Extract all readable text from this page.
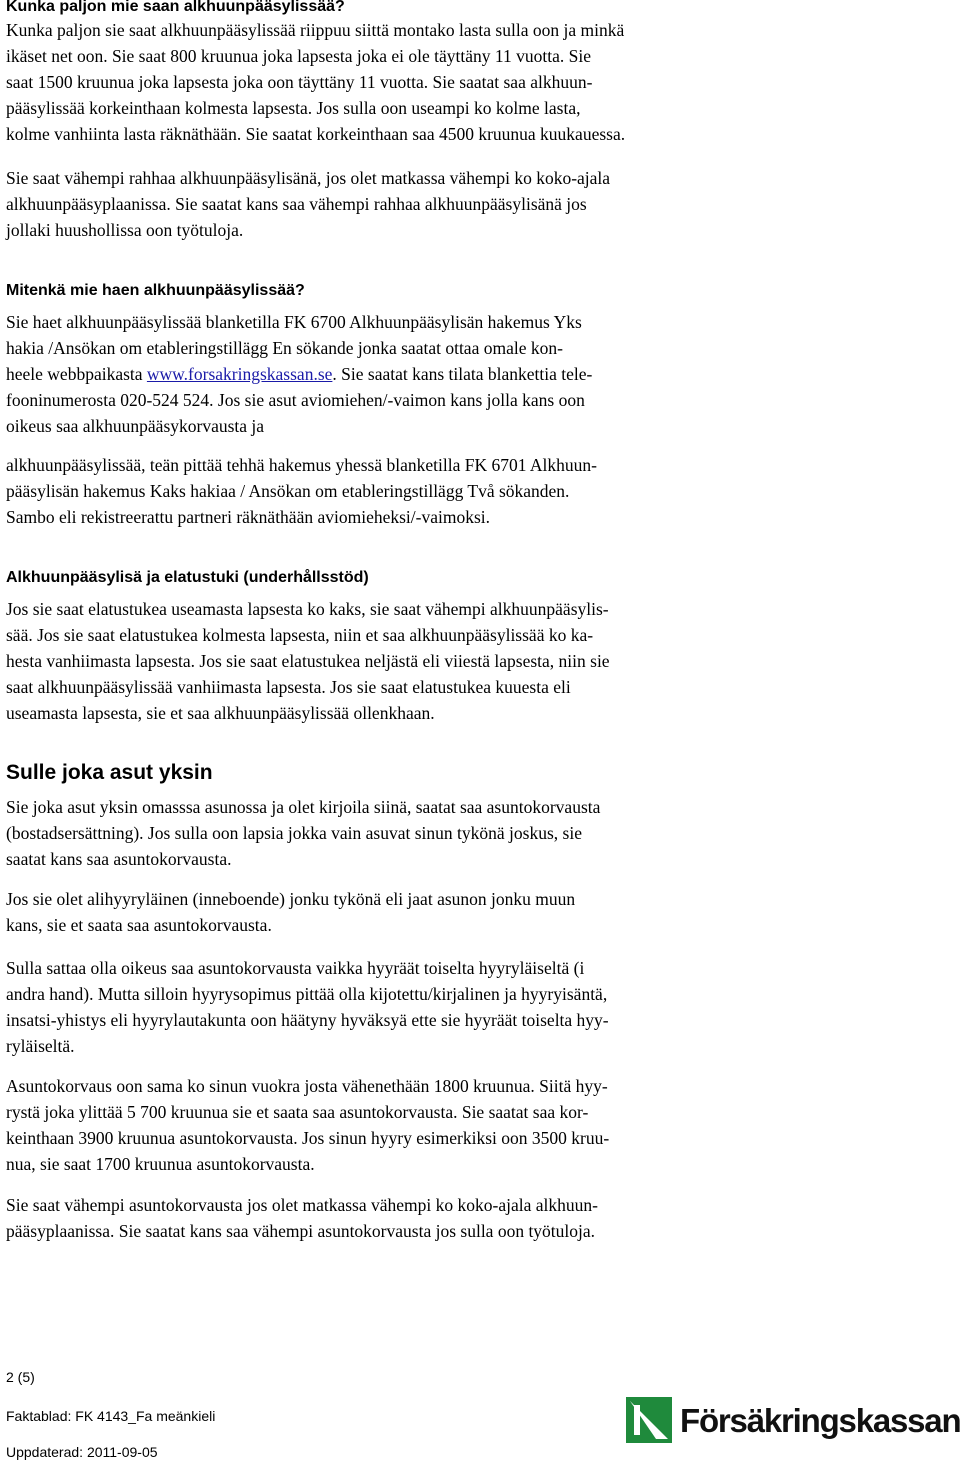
Kunka paljon mie saan alkhuunpääsylissää?
Kunka paljon sie saat alkhuunpääsylissää riippuu siittä montako lasta sulla oon ja minkä
ikäset net oon. Sie saat 800 kruunua joka lapsesta joka ei ole täyttäny 11 vuotta. Sie
saat 1500 kruunua joka lapsesta joka oon täyttäny 11 vuotta. Sie saatat saa alkhuun-
pääsylissää korkeinthaan kolmesta lapsesta. Jos sulla oon useampi ko kolme lasta,
kolme vanhiinta lasta räknäthään. Sie saatat korkeinthaan saa 4500 kruunua kuukauessa.
Sie saat vähempi rahhaa alkhuunpääsylisänä, jos olet matkassa vähempi ko koko-ajala
alkhuunpääsyplaanissa. Sie saatat kans saa vähempi rahhaa alkhuunpääsylisänä jos
jollaki huushollissa oon työtuloja.
Mitenkä mie haen alkhuunpääsylissää?
Sie haet alkhuunpääsylissää blanketilla FK 6700 Alkhuunpääsylisän hakemus Yks
hakia /Ansökan om etableringstillägg En sökande jonka saatat ottaa omale kon-
heele webbpaikasta www.forsakringskassan.se. Sie saatat kans tilata blankettia tele-
fooninumerosta 020-524 524. Jos sie asut aviomiehen/-vaimon kans jolla kans oon
oikeus saa alkhuunpääsykorvausta ja
alkhuunpääsylissää, teän pittää tehhä hakemus yhessä blanketilla FK 6701 Alkhuun-
pääsylisän hakemus Kaks hakiaa / Ansökan om etableringstillägg Två sökanden.
Sambo eli rekistreerattu partneri räknäthään aviomieheksi/-vaimoksi.
Alkhuunpääsylisä ja elatustuki (underhållsstöd)
Jos sie saat elatustukea useamasta lapsesta ko kaks, sie saat vähempi alkhuunpääsylis-
sää. Jos sie saat elatustukea kolmesta lapsesta, niin et saa alkhuunpääsylissää ko ka-
hesta vanhiimasta lapsesta. Jos sie saat elatustukea neljästä eli viiestä lapsesta, niin sie
saat alkhuunpääsylissää vanhiimasta lapsesta. Jos sie saat elatustukea kuuesta eli
useamasta lapsesta, sie et saa alkhuunpääsylissää ollenkhaan.
Sulle joka asut yksin
Sie joka asut yksin omasssa asunossa ja olet kirjoila siinä, saatat saa asuntokorvausta
(bostadsersättning). Jos sulla oon lapsia jokka vain asuvat sinun tykönä joskus, sie
saatat kans saa asuntokorvausta.
Jos sie olet alihyyryläinen (inneboende) jonku tykönä eli jaat asunon jonku muun
kans, sie et saata saa asuntokorvausta.
Sulla sattaa olla oikeus saa asuntokorvausta vaikka hyyräät toiselta hyyryläiseltä (i
andra hand). Mutta silloin hyyrysopimus pittää olla kijotettu/kirjalinen ja hyyryisäntä,
insatsi-yhistys eli hyyrylautakunta oon häätyny hyväksyä ette sie hyyräät toiselta hyy-
ryläiseltä.
Asuntokorvaus oon sama ko sinun vuokra josta vähenethään 1800 kruunua. Siitä hyy-
rystä joka ylittää 5 700 kruunua sie et saata saa asuntokorvausta. Sie saatat saa kor-
keinthaan 3900 kruunua asuntokorvausta. Jos sinun hyyry esimerkiksi oon 3500 kruu-
nua, sie saat 1700 kruunua asuntokorvausta.
Sie saat vähempi asuntokorvausta jos olet matkassa vähempi ko koko-ajala alkhuun-
pääsyplaanissa. Sie saatat kans saa vähempi asuntokorvausta jos sulla oon työtuloja.
2 (5)
Faktablad: FK 4143_Fa meänkieli
Uppdaterad: 2011-09-05
Försäkringskassan
